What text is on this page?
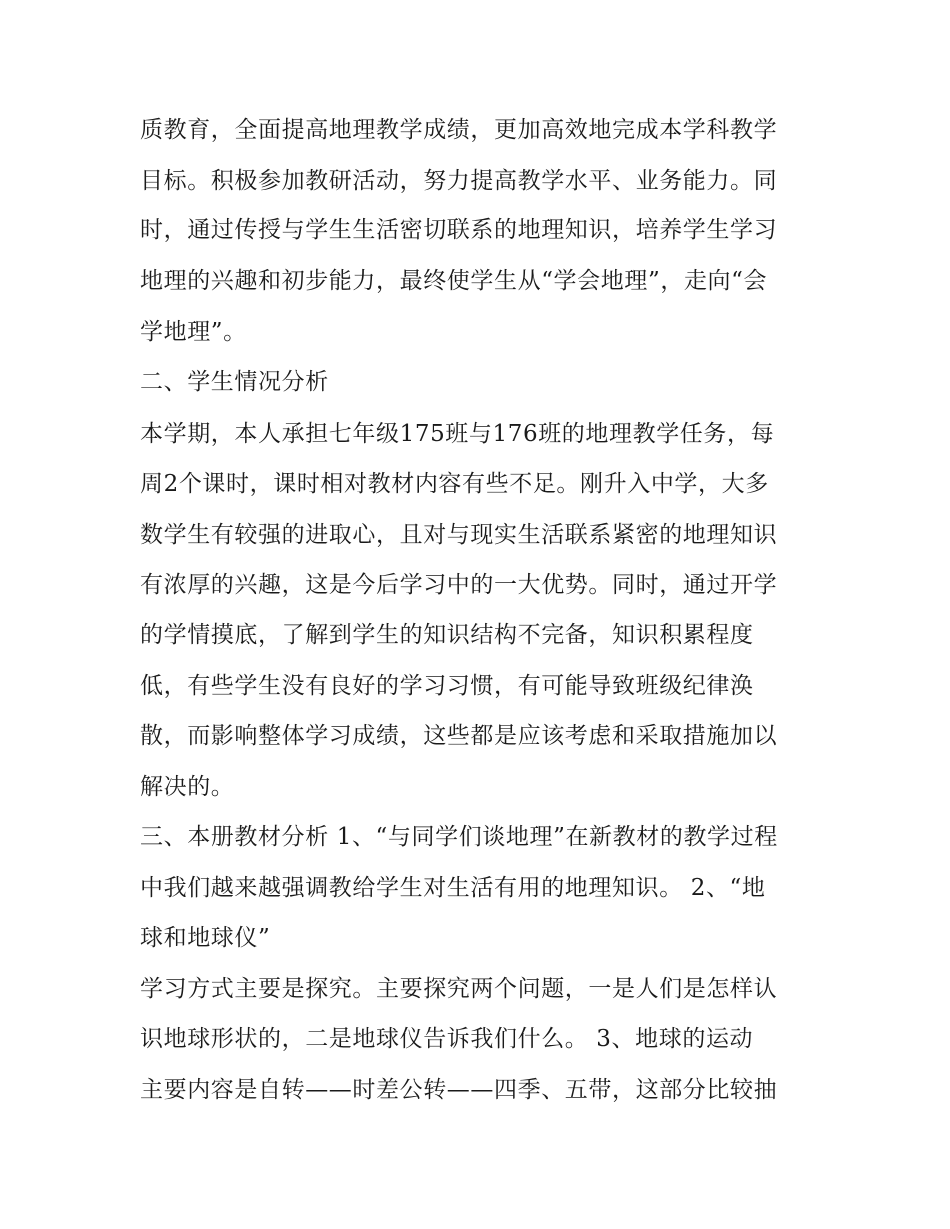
质教育，全面提高地理教学成绩，更加高效地完成本学科教学
目标。积极参加教研活动，努力提高教学水平、业务能力。同
时，通过传授与学生生活密切联系的地理知识，培养学生学习
地理的兴趣和初步能力，最终使学生从“学会地理”，走向“会
学地理”。
二、学生情况分析
本学期，本人承担七年级175班与176班的地理教学任务，每
周2个课时，课时相对教材内容有些不足。刚升入中学，大多
数学生有较强的进取心，且对与现实生活联系紧密的地理知识
有浓厚的兴趣，这是今后学习中的一大优势。同时，通过开学
的学情摸底，了解到学生的知识结构不完备，知识积累程度
低，有些学生没有良好的学习习惯，有可能导致班级纪律涣
散，而影响整体学习成绩，这些都是应该考虑和采取措施加以
解决的。
三、本册教材分析 1、“与同学们谈地理”在新教材的教学过程
中我们越来越强调教给学生对生活有用的地理知识。 2、“地
球和地球仪”
学习方式主要是探究。主要探究两个问题，一是人们是怎样认
识地球形状的，二是地球仪告诉我们什么。 3、地球的运动
主要内容是自转——时差公转——四季、五带，这部分比较抽
